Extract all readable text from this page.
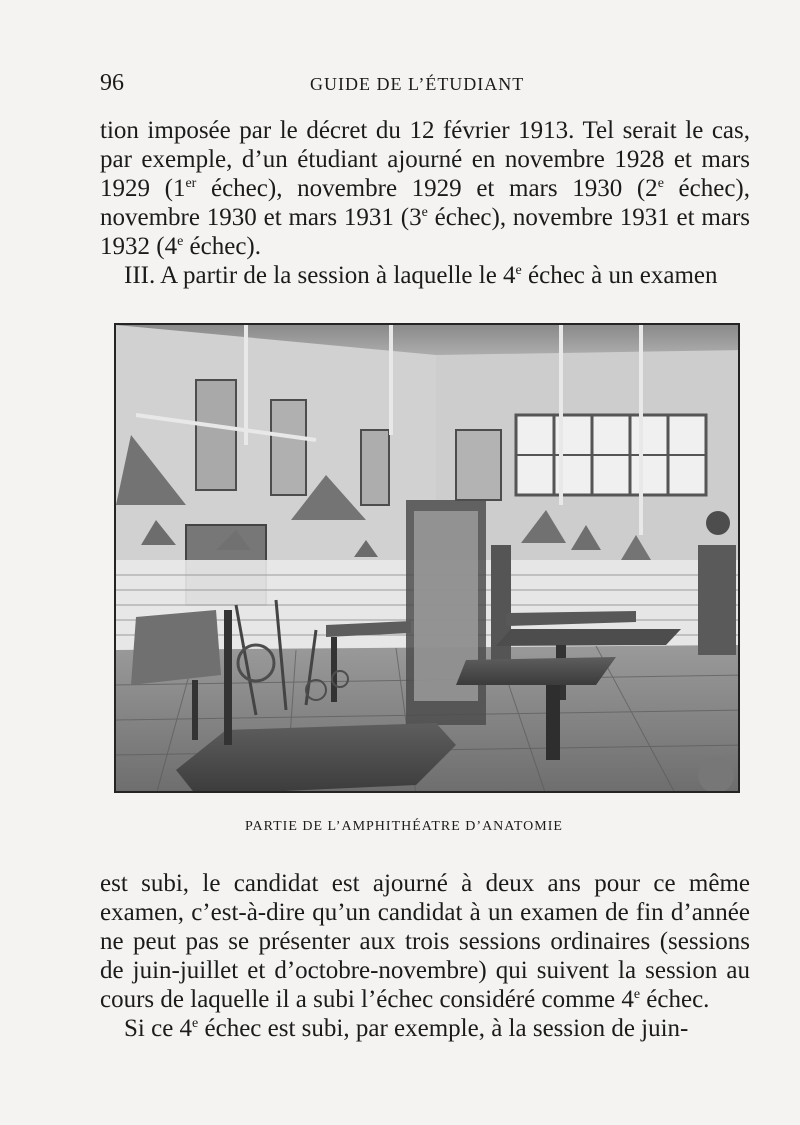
96	GUIDE DE L’ÉTUDIANT

tion imposée par le décret du 12 février 1913. Tel serait le cas, par exemple, d’un étudiant ajourné en novembre 1928 et mars 1929 (1er échec), novembre 1929 et mars 1930 (2e échec), novembre 1930 et mars 1931 (3e échec), novembre 1931 et mars 1932 (4e échec).

III. A partir de la session à laquelle le 4e échec à un examen

PARTIE DE L’AMPHITHÉATRE D’ANATOMIE

est subi, le candidat est ajourné à deux ans pour ce même examen, c’est-à-dire qu’un candidat à un examen de fin d’année ne peut pas se présenter aux trois sessions ordinaires (sessions de juin-juillet et d’octobre-novembre) qui suivent la session au cours de laquelle il a subi l’échec considéré comme 4e échec.

Si ce 4e échec est subi, par exemple, à la session de juin-
